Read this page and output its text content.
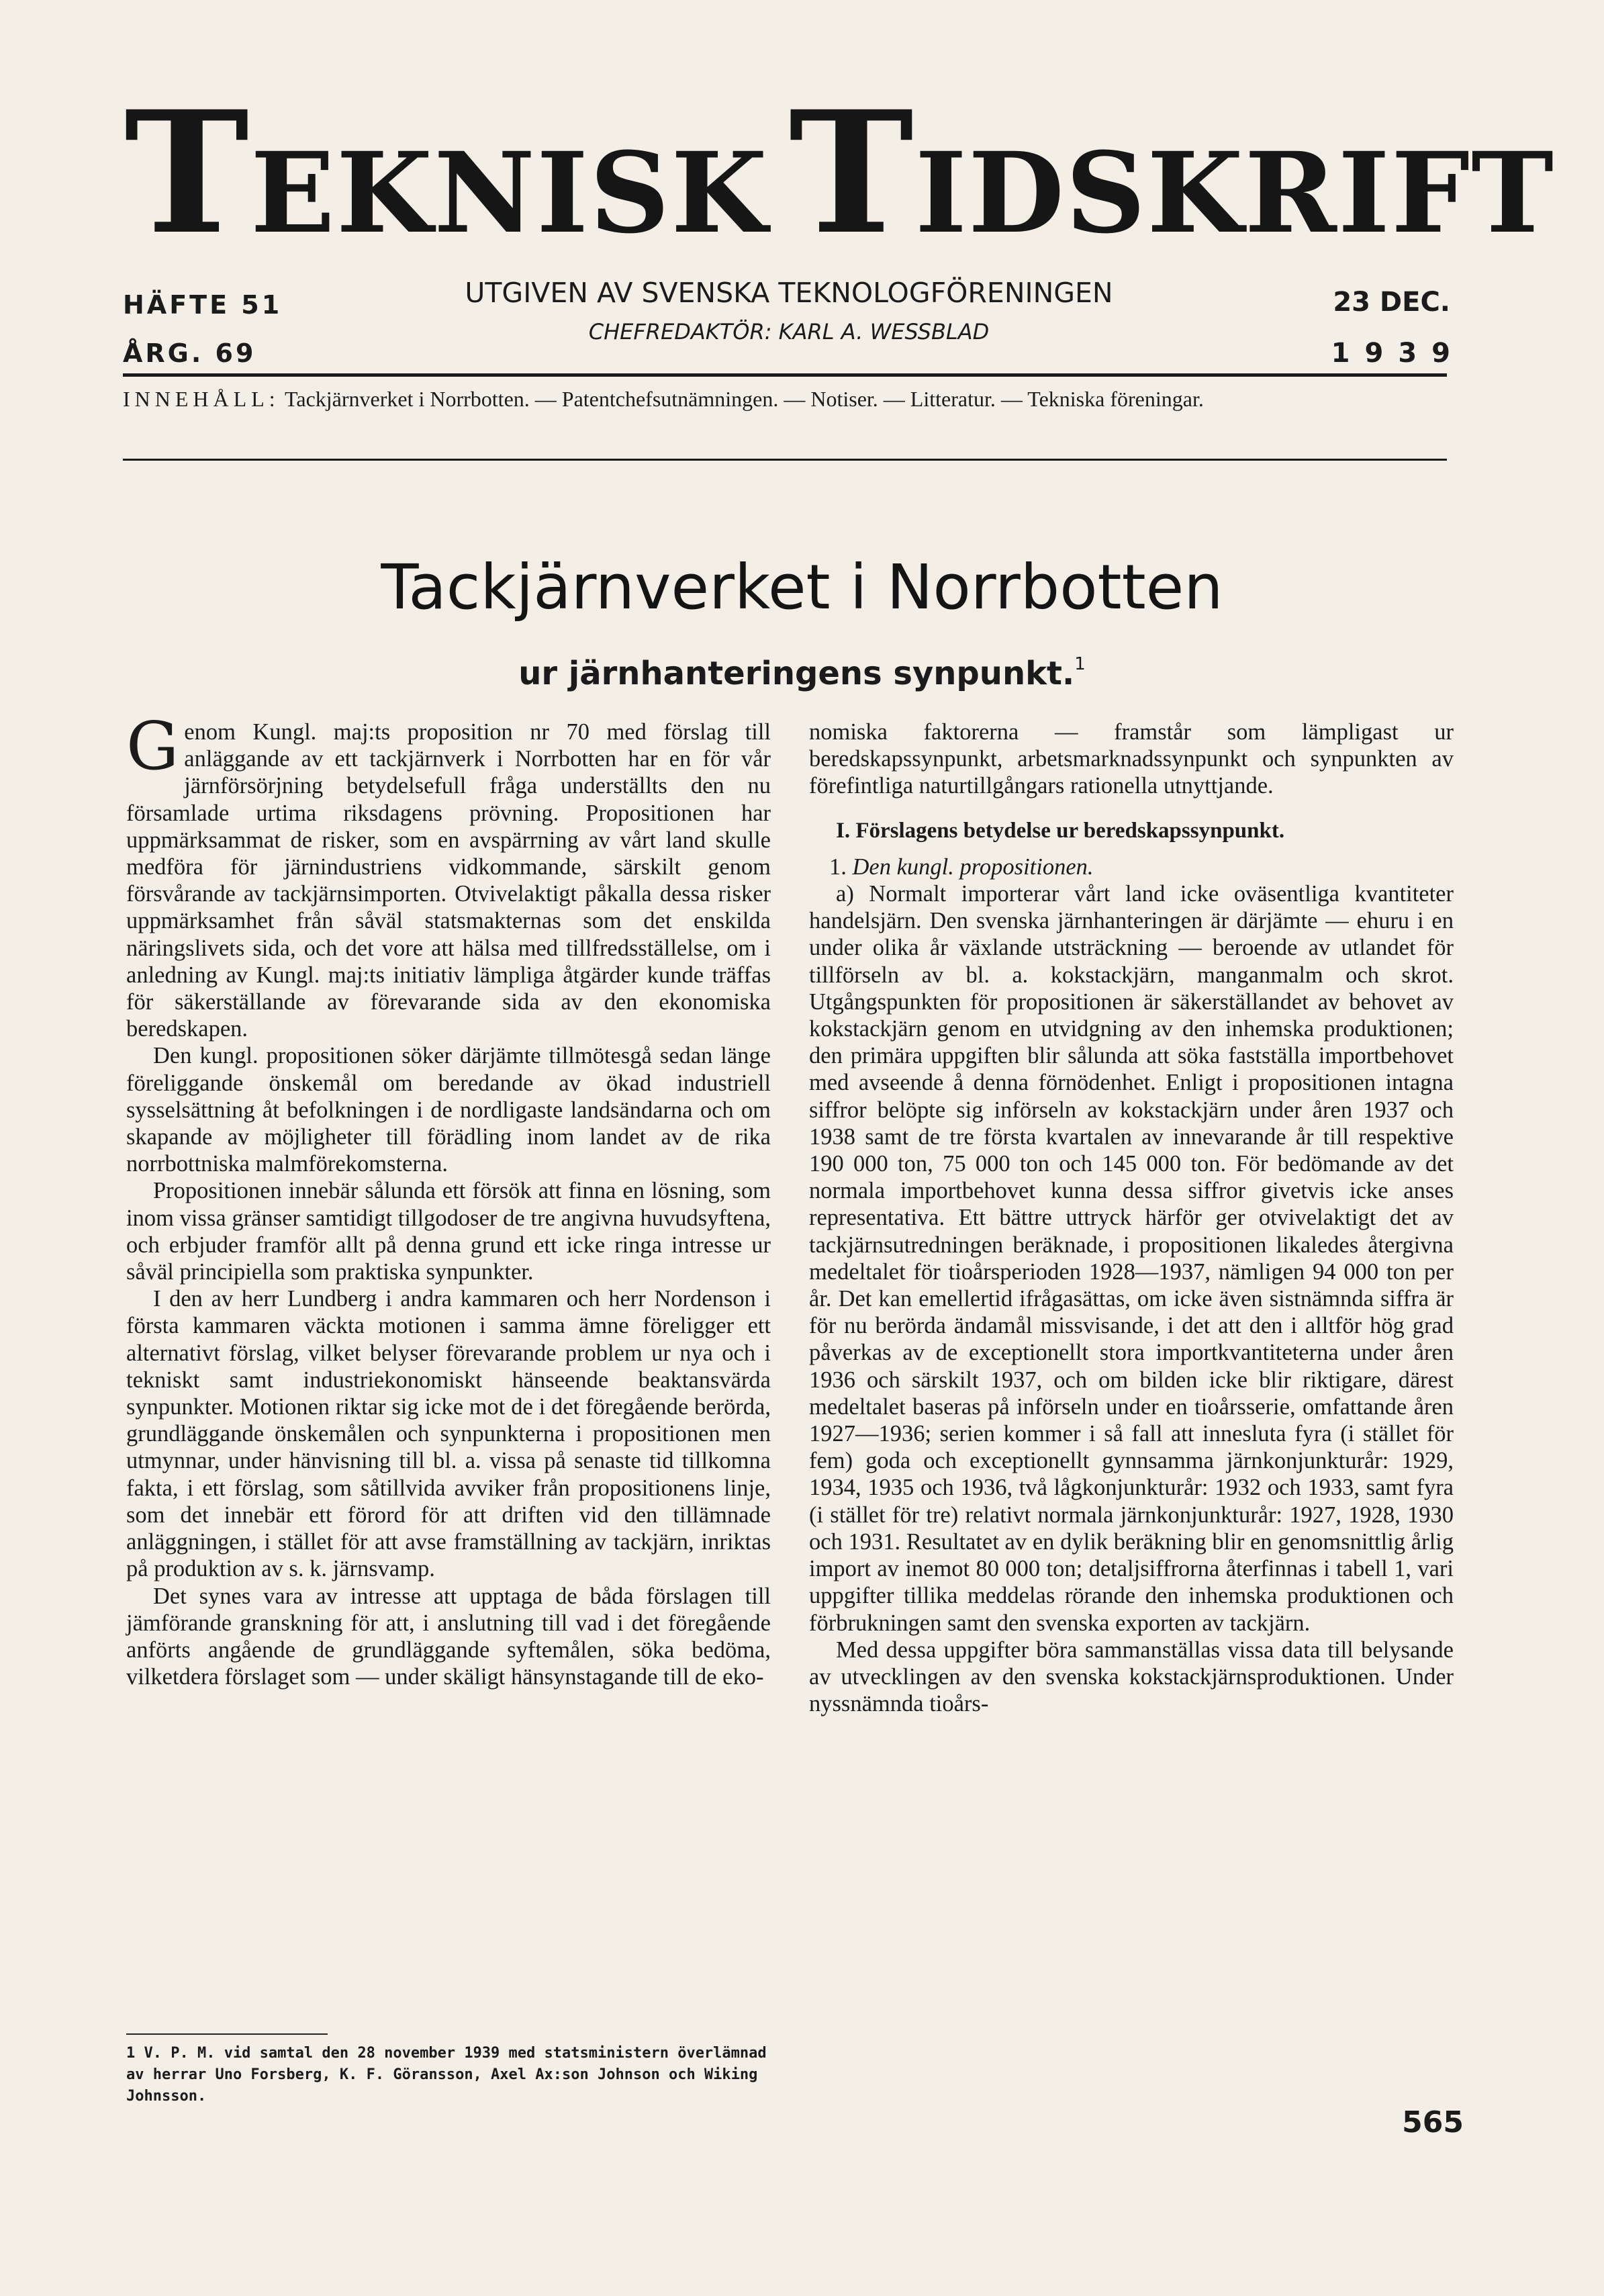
TEKNISK TIDSKRIFT
HÄFTE 51
ÅRG. 69
UTGIVEN AV SVENSKA TEKNOLOGFÖRENINGEN
CHEFREDAKTÖR: KARL A. WESSBLAD
23 DEC.
1939
INNEHÅLL: Tackjärnverket i Norrbotten. — Patentchefsutnämningen. — Notiser. — Litteratur. — Tekniska föreningar.
Tackjärnverket i Norrbotten
ur järnhanteringens synpunkt.$^1$

Genom Kungl. maj:ts proposition nr 70 med förslag till anläggande av ett tackjärnverk i Norrbotten har en för vår järnförsörjning betydelsefull fråga underställts den nu församlade urtima riksdagens prövning. Propositionen har uppmärksammat de risker, som en avspärrning av vårt land skulle medföra för järnindustriens vidkommande, särskilt genom försvårande av tackjärnsimporten. Otvivelaktigt påkalla dessa risker uppmärksamhet från såväl statsmakternas som det enskilda näringslivets sida, och det vore att hälsa med tillfredsställelse, om i anledning av Kungl. maj:ts initiativ lämpliga åtgärder kunde träffas för säkerställande av förevarande sida av den ekonomiska beredskapen.

Den kungl. propositionen söker därjämte tillmötesgå sedan länge föreliggande önskemål om beredande av ökad industriell sysselsättning åt befolkningen i de nordligaste landsändarna och om skapande av möjligheter till förädling inom landet av de rika norrbottniska malmförekomsterna.

Propositionen innebär sålunda ett försök att finna en lösning, som inom vissa gränser samtidigt tillgodoser de tre angivna huvudsyftena, och erbjuder framför allt på denna grund ett icke ringa intresse ur såväl principiella som praktiska synpunkter.

I den av herr Lundberg i andra kammaren och herr Nordenson i första kammaren väckta motionen i samma ämne föreligger ett alternativt förslag, vilket belyser förevarande problem ur nya och i tekniskt samt industriekonomiskt hänseende beaktansvärda synpunkter. Motionen riktar sig icke mot de i det föregående berörda, grundläggande önskemålen och synpunkterna i propositionen men utmynnar, under hänvisning till bl. a. vissa på senaste tid tillkomna fakta, i ett förslag, som såtillvida avviker från propositionens linje, som det innebär ett förord för att driften vid den tillämnade anläggningen, i stället för att avse framställning av tackjärn, inriktas på produktion av s. k. järnsvamp.

Det synes vara av intresse att upptaga de båda förslagen till jämförande granskning för att, i anslutning till vad i det föregående anförts angående de grundläggande syftemålen, söka bedöma, vilketdera förslaget som — under skäligt hänsynstagande till de eko-

nomiska faktorerna — framstår som lämpligast ur beredskapssynpunkt, arbetsmarknadssynpunkt och synpunkten av förefintliga naturtillgångars rationella utnyttjande.

I. Förslagens betydelse ur beredskapssynpunkt.

1. Den kungl. propositionen.

a) Normalt importerar vårt land icke oväsentliga kvantiteter handelsjärn. Den svenska järnhanteringen är därjämte — ehuru i en under olika år växlande utsträckning — beroende av utlandet för tillförseln av bl. a. kokstackjärn, manganmalm och skrot. Utgångspunkten för propositionen är säkerställandet av behovet av kokstackjärn genom en utvidgning av den inhemska produktionen; den primära uppgiften blir sålunda att söka fastställa importbehovet med avseende å denna förnödenhet. Enligt i propositionen intagna siffror belöpte sig införseln av kokstackjärn under åren 1937 och 1938 samt de tre första kvartalen av innevarande år till respektive 190 000 ton, 75 000 ton och 145 000 ton. För bedömande av det normala importbehovet kunna dessa siffror givetvis icke anses representativa. Ett bättre uttryck härför ger otvivelaktigt det av tackjärnsutredningen beräknade, i propositionen likaledes återgivna medeltalet för tioårsperioden 1928—1937, nämligen 94 000 ton per år. Det kan emellertid ifrågasättas, om icke även sistnämnda siffra är för nu berörda ändamål missvisande, i det att den i alltför hög grad påverkas av de exceptionellt stora importkvantiteterna under åren 1936 och särskilt 1937, och om bilden icke blir riktigare, därest medeltalet baseras på införseln under en tioårsserie, omfattande åren 1927—1936; serien kommer i så fall att innesluta fyra (i stället för fem) goda och exceptionellt gynnsamma järnkonjunkturår: 1929, 1934, 1935 och 1936, två lågkonjunkturår: 1932 och 1933, samt fyra (i stället för tre) relativt normala järnkonjunkturår: 1927, 1928, 1930 och 1931. Resultatet av en dylik beräkning blir en genomsnittlig årlig import av inemot 80 000 ton; detaljsiffrorna återfinnas i tabell 1, vari uppgifter tillika meddelas rörande den inhemska produktionen och förbrukningen samt den svenska exporten av tackjärn.

Med dessa uppgifter böra sammanställas vissa data till belysande av utvecklingen av den svenska kokstackjärnsproduktionen. Under nyssnämnda tioårs-

1 V. P. M. vid samtal den 28 november 1939 med statsministern överlämnad av herrar Uno Forsberg, K. F. Göransson, Axel Ax:son Johnson och Wiking Johnsson.
565
